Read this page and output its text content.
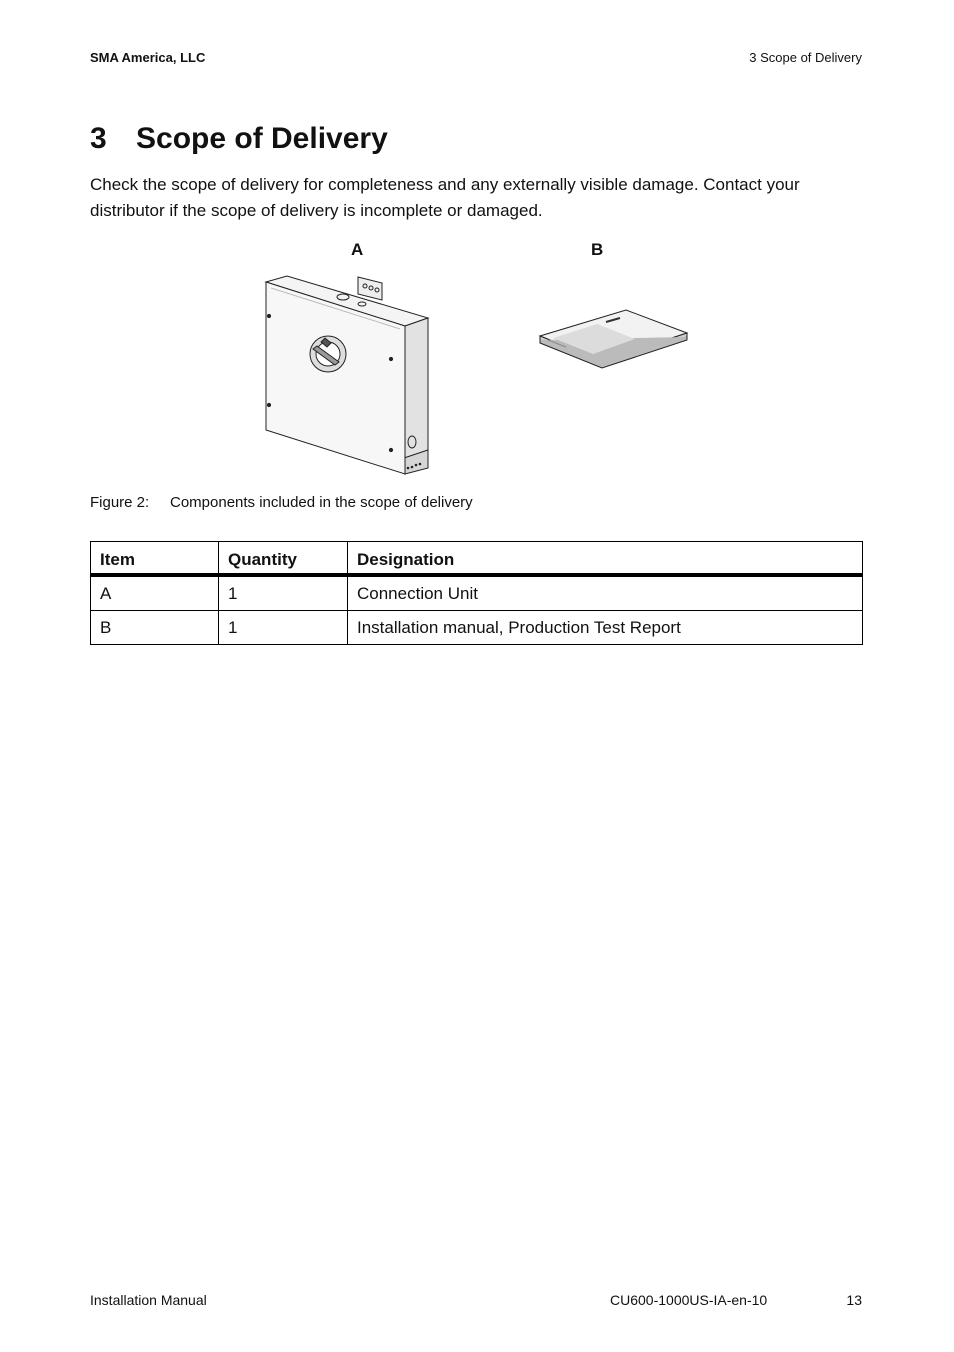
SMA America, LLC	3 Scope of Delivery
3 Scope of Delivery
Check the scope of delivery for completeness and any externally visible damage. Contact your distributor if the scope of delivery is incomplete or damaged.
A	B
Figure 2: Components included in the scope of delivery
Item	Quantity	Designation
A	1	Connection Unit
B	1	Installation manual, Production Test Report
Installation Manual	CU600-1000US-IA-en-10	13
